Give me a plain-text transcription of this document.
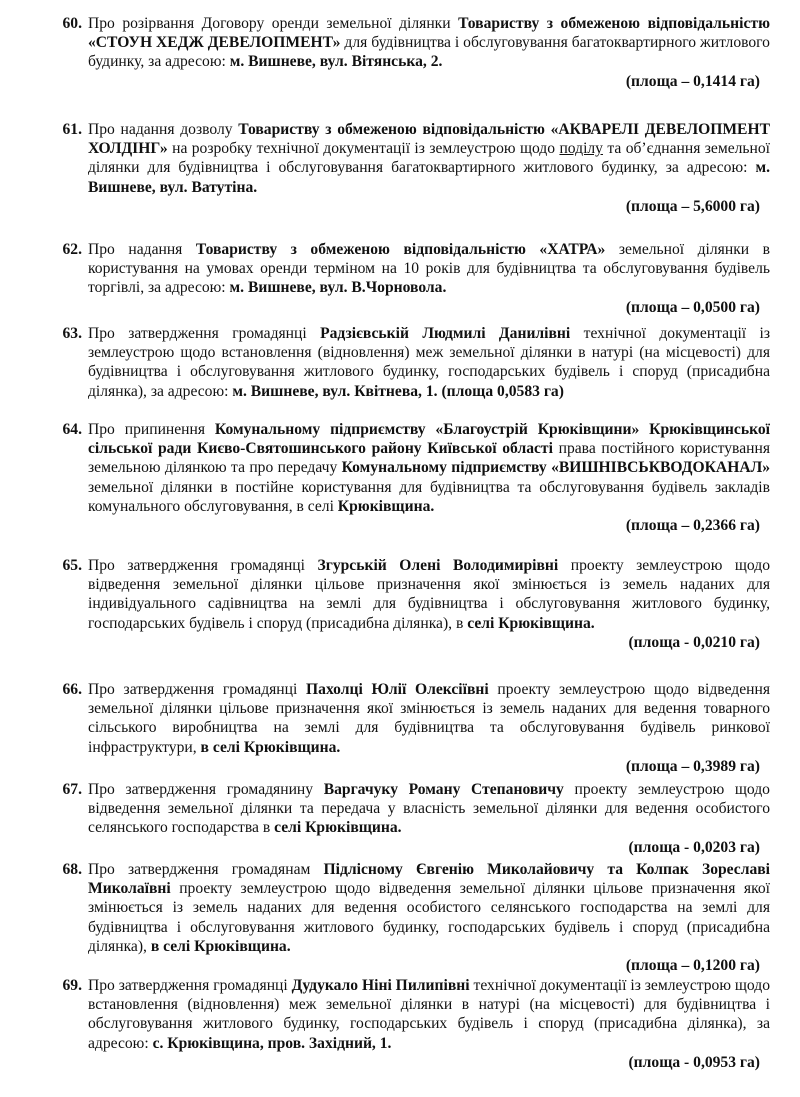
60. Про розірвання Договору оренди земельної ділянки Товариству з обмеженою відповідальністю «СТОУН ХЕДЖ ДЕВЕЛОПМЕНТ» для будівництва і обслуговування багатоквартирного житлового будинку, за адресою: м. Вишневе, вул. Вітянська, 2.
(площа – 0,1414 га)
61. Про надання дозволу Товариству з обмеженою відповідальністю «АКВАРЕЛІ ДЕВЕЛОПМЕНТ ХОЛДІНГ» на розробку технічної документації із землеустрою щодо поділу та об’єднання земельної ділянки для будівництва і обслуговування багатоквартирного житлового будинку, за адресою: м. Вишневе, вул. Ватутіна.
(площа – 5,6000 га)
62. Про надання Товариству з обмеженою відповідальністю «ХАТРА» земельної ділянки в користування на умовах оренди терміном на 10 років для будівництва та обслуговування будівель торгівлі, за адресою: м. Вишневе, вул. В.Чорновола.
(площа – 0,0500 га)
63. Про затвердження громадянці Радзієвській Людмилі Данилівні технічної документації із землеустрою щодо встановлення (відновлення) меж земельної ділянки в натурі (на місцевості) для будівництва і обслуговування житлового будинку, господарських будівель і споруд (присадибна ділянка), за адресою: м. Вишневе, вул. Квітнева, 1. (площа 0,0583 га)
64. Про припинення Комунальному підприємству «Благоустрій Крюківщини» Крюківщинської сільської ради Києво-Святошинського району Київської області права постійного користування земельною ділянкою та про передачу Комунальному підприємству «ВИШНІВСЬКВОДОКАНАЛ» земельної ділянки в постійне користування для будівництва та обслуговування будівель закладів комунального обслуговування, в селі Крюківщина.
(площа – 0,2366 га)
65. Про затвердження громадянці Згурській Олені Володимирівні проекту землеустрою щодо відведення земельної ділянки цільове призначення якої змінюється із земель наданих для індивідуального садівництва на землі для будівництва і обслуговування житлового будинку, господарських будівель і споруд (присадибна ділянка), в селі Крюківщина.
(площа - 0,0210 га)
66. Про затвердження громадянці Пахолці Юлії Олексіївні проекту землеустрою щодо відведення земельної ділянки цільове призначення якої змінюється із земель наданих для ведення товарного сільського виробництва на землі для будівництва та обслуговування будівель ринкової інфраструктури, в селі Крюківщина.
(площа – 0,3989 га)
67. Про затвердження громадянину Варгачуку Роману Степановичу проекту землеустрою щодо відведення земельної ділянки та передача у власність земельної ділянки для ведення особистого селянського господарства в селі Крюківщина.
(площа - 0,0203 га)
68. Про затвердження громадянам Підлісному Євгенію Миколайовичу та Колпак Зореславі Миколаївні проекту землеустрою щодо відведення земельної ділянки цільове призначення якої змінюється із земель наданих для ведення особистого селянського господарства на землі для будівництва і обслуговування житлового будинку, господарських будівель і споруд (присадибна ділянка), в селі Крюківщина.
(площа – 0,1200 га)
69. Про затвердження громадянці Дудукало Ніні Пилипівні технічної документації із землеустрою щодо встановлення (відновлення) меж земельної ділянки в натурі (на місцевості) для будівництва і обслуговування житлового будинку, господарських будівель і споруд (присадибна ділянка), за адресою: с. Крюківщина, пров. Західний, 1.
(площа - 0,0953 га)
